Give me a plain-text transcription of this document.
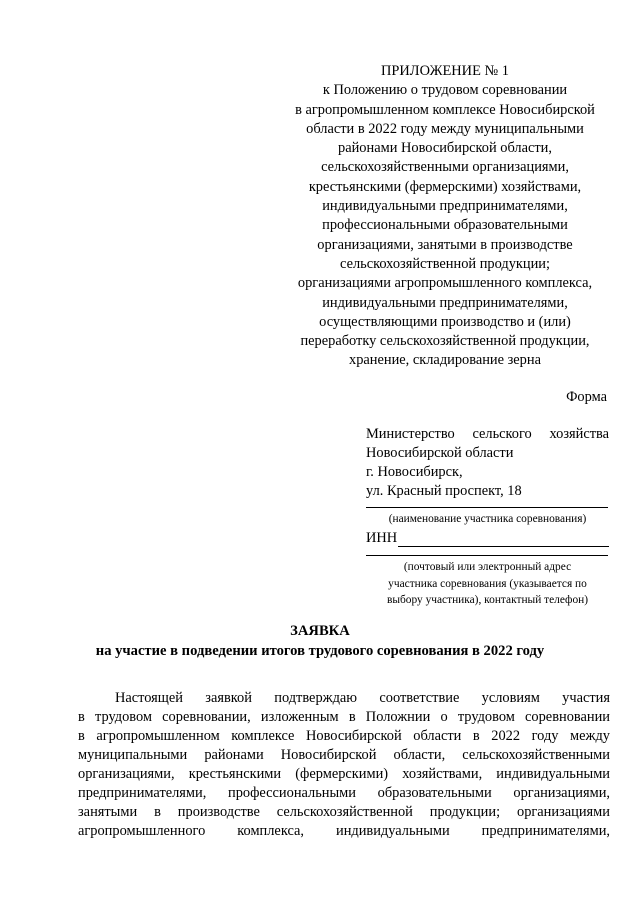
ПРИЛОЖЕНИЕ № 1
к Положению о трудовом соревновании
в агропромышленном комплексе Новосибирской
области в 2022 году между муниципальными
районами Новосибирской области,
сельскохозяйственными организациями,
крестьянскими (фермерскими) хозяйствами,
индивидуальными предпринимателями,
профессиональными образовательными
организациями, занятыми в производстве
сельскохозяйственной продукции;
организациями агропромышленного комплекса,
индивидуальными предпринимателями,
осуществляющими производство и (или)
переработку сельскохозяйственной продукции,
хранение, складирование зерна
Форма
Министерство сельского хозяйства
Новосибирской области
г. Новосибирск,
ул. Красный проспект, 18
(наименование участника соревнования)
ИНН
(почтовый или электронный адрес
участника соревнования (указывается по
выбору участника), контактный телефон)
ЗАЯВКА
на участие в подведении итогов трудового соревнования в 2022 году
Настоящей заявкой подтверждаю соответствие условиям участия
в трудовом соревновании, изложенным в Положнии о трудовом соревновании
в агропромышленном комплексе Новосибирской области в 2022 году между
муниципальными районами Новосибирской области, сельскохозяйственными
организациями, крестьянскими (фермерскими) хозяйствами, индивидуальными
предпринимателями, профессиональными образовательными организациями,
занятыми в производстве сельскохозяйственной продукции; организациями
агропромышленного комплекса, индивидуальными предпринимателями,
